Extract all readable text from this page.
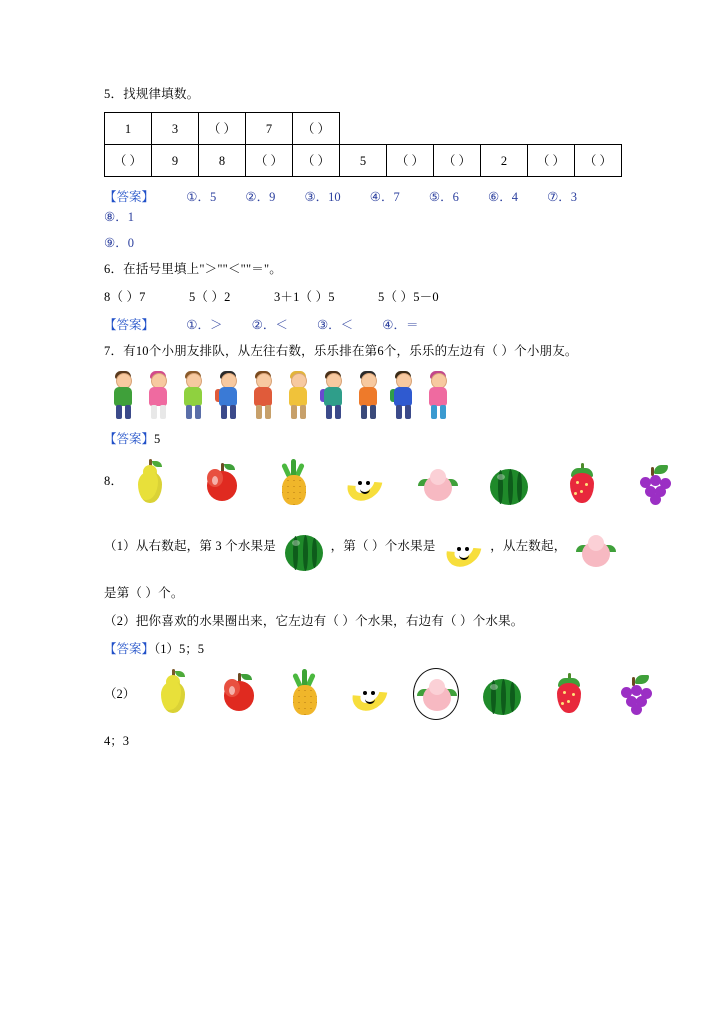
5．找规律填数。

1	3	（ ）	7	（ ）
（ ）	9	8	（ ）	（ ）	5	（ ）	（ ）	2	（ ）	（ ）

【答案】	①．5 ②．9 ③．10 ④．7 ⑤．6 ⑥．4 ⑦．3 ⑧．1

⑨．0

6．在括号里填上"＞""＜""＝"。

8（ ）7	5（ ）2	3＋1（ ）5	5（ ）5－0

【答案】	①．＞ ②．＜ ③．＜ ④．＝

7．有10个小朋友排队，从左往右数，乐乐排在第6个，乐乐的左边有（ ）个小朋友。

【答案】5

8．

（1）从右数起，第 3 个水果是	，第（ ）个水果是	，从左数起，

是第（ ）个。

（2）把你喜欢的水果圈出来，它左边有（ ）个水果，右边有（ ）个水果。

【答案】（1）5；5

（2）

4；3
